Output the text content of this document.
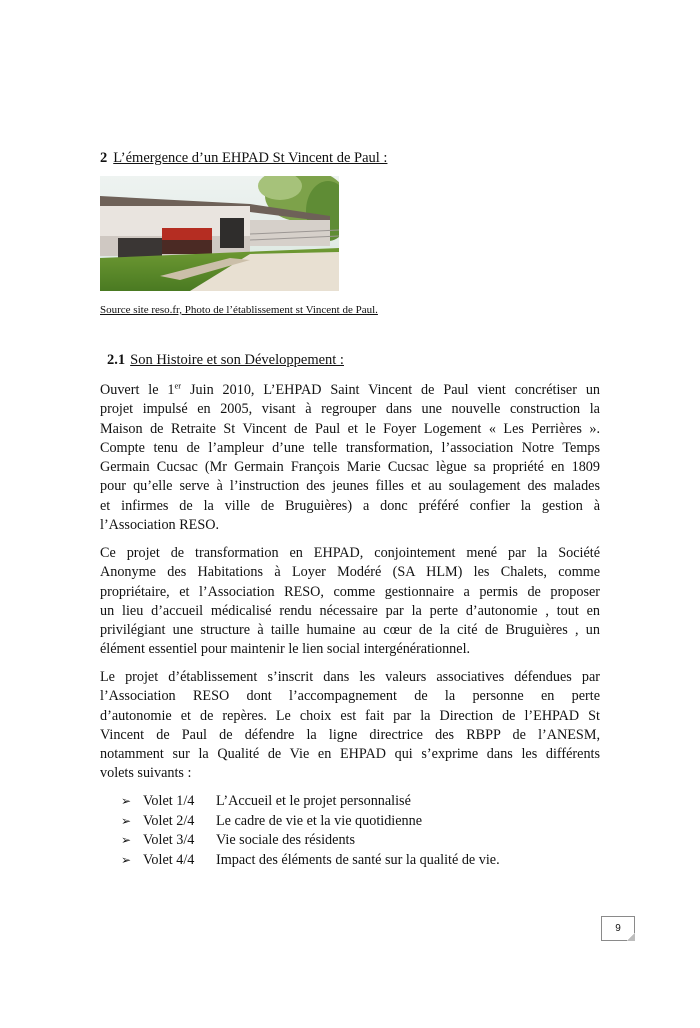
2 L’émergence d’un EHPAD St Vincent de Paul :
Source site reso.fr, Photo de l’établissement st Vincent de Paul.
2.1 Son Histoire et son Développement :
Ouvert le 1er Juin 2010, L’EHPAD Saint Vincent de Paul vient concrétiser un
projet impulsé en 2005, visant à regrouper dans une nouvelle construction la
Maison de Retraite St Vincent de Paul et le Foyer Logement « Les Perrières ».
Compte tenu de l’ampleur d’une telle transformation, l’association Notre Temps
Germain Cucsac (Mr Germain François Marie Cucsac lègue sa propriété en 1809
pour qu’elle serve à l’instruction des jeunes filles et au soulagement des malades
et infirmes de la ville de Bruguières) a donc préféré confier la gestion à
l’Association RESO.
Ce projet de transformation en EHPAD, conjointement mené par la Société
Anonyme des Habitations à Loyer Modéré (SA HLM) les Chalets, comme
propriétaire, et l’Association RESO, comme gestionnaire a permis de proposer
un lieu d’accueil médicalisé rendu nécessaire par la perte d’autonomie , tout en
privilégiant une structure à taille humaine au cœur de la cité de Bruguières , un
élément essentiel pour maintenir le lien social intergénérationnel.
Le projet d’établissement s’inscrit dans les valeurs associatives défendues par
l’Association RESO dont l’accompagnement de la personne en perte
d’autonomie et de repères. Le choix est fait par la Direction de l’EHPAD St
Vincent de Paul de défendre la ligne directrice des RBPP de l’ANESM,
notamment sur la Qualité de Vie en EHPAD qui s’exprime dans les différents
volets suivants :
➢ Volet 1/4 L’Accueil et le projet personnalisé
➢ Volet 2/4 Le cadre de vie et la vie quotidienne
➢ Volet 3/4 Vie sociale des résidents
➢ Volet 4/4 Impact des éléments de santé sur la qualité de vie.
9
